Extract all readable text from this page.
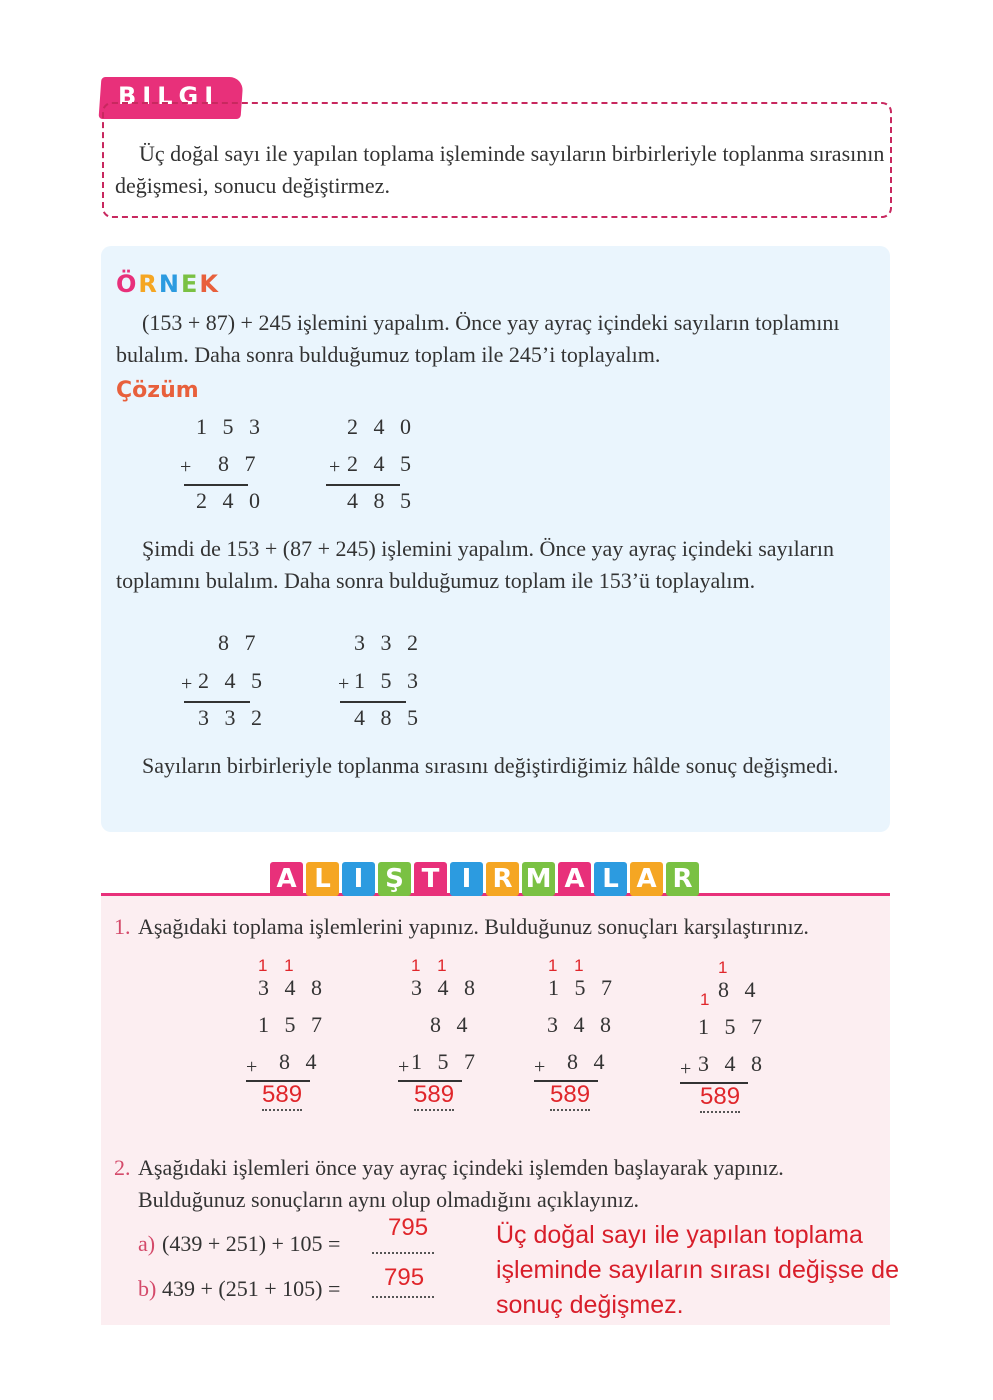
BILGI
Üç doğal sayı ile yapılan toplama işleminde sayıların birbirleriyle toplanma sırasının değişmesi, sonucu değiştirmez.
ÖRNEK
(153 + 87) + 245 işlemini yapalım. Önce yay ayraç içindeki sayıların toplamını bulalım. Daha sonra bulduğumuz toplam ile 245’i toplayalım.
Çözüm
1 5 3
+ 8 7
2 4 0
2 4 0
+ 2 4 5
4 8 5
Şimdi de 153 + (87 + 245) işlemini yapalım. Önce yay ayraç içindeki sayıların toplamını bulalım. Daha sonra bulduğumuz toplam ile 153’ü toplayalım.
8 7
+ 2 4 5
3 3 2
3 3 2
+ 1 5 3
4 8 5
Sayıların birbirleriyle toplanma sırasını değiştirdiğimiz hâlde sonuç değişmedi.
A L I Ş T I R M A L A R
1. Aşağıdaki toplama işlemlerini yapınız. Bulduğunuz sonuçları karşılaştırınız.
1 1
3 4 8
1 5 7
+ 8 4
589
1 1
3 4 8
8 4
+ 1 5 7
589
1 1
1 5 7
3 4 8
+ 8 4
589
1
1 8 4
1 5 7
+ 3 4 8
589
2. Aşağıdaki işlemleri önce yay ayraç içindeki işlemden başlayarak yapınız. Bulduğunuz sonuçların aynı olup olmadığını açıklayınız.
a) (439 + 251) + 105 =
795
b) 439 + (251 + 105) = 795
Üç doğal sayı ile yapılan toplama işleminde sayıların sırası değişse de sonuç değişmez.
